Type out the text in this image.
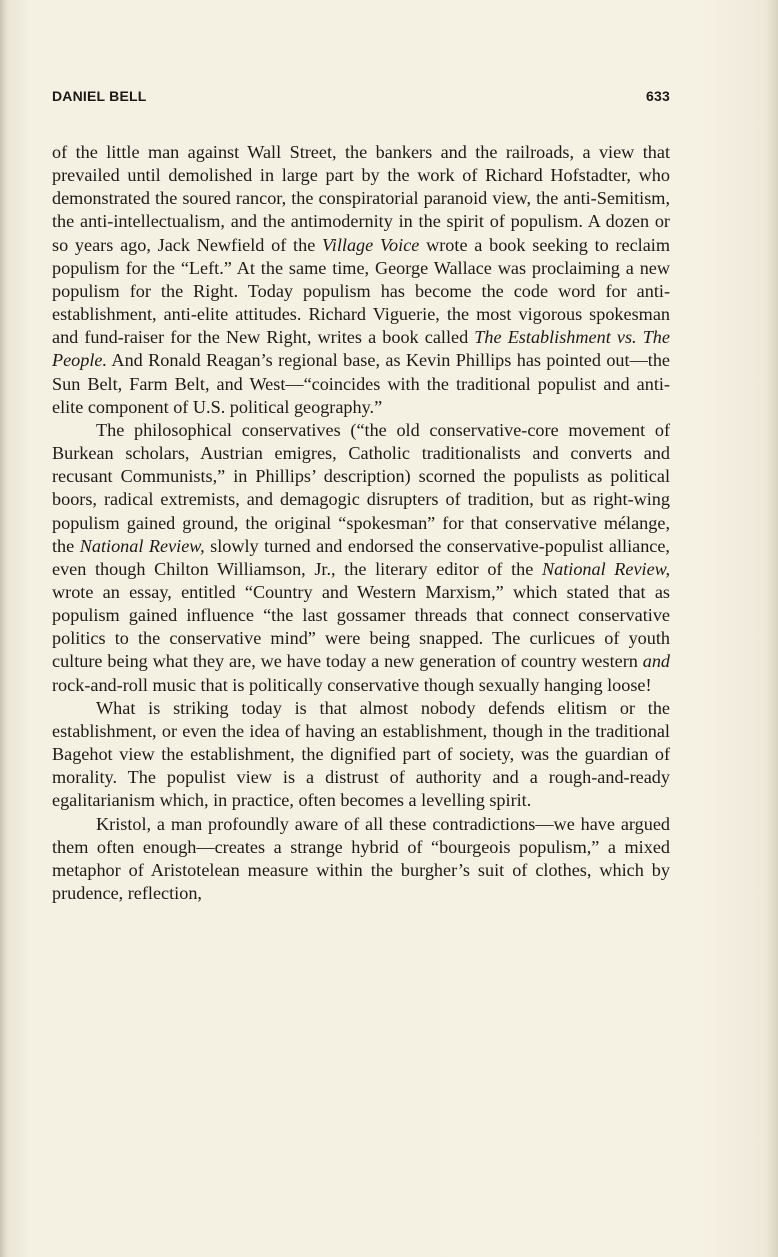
DANIEL BELL	633

of the little man against Wall Street, the bankers and the railroads, a view that prevailed until demolished in large part by the work of Richard Hofstadter, who demonstrated the soured rancor, the conspiratorial paranoid view, the anti-Semitism, the anti-intellectualism, and the antimodernity in the spirit of populism. A dozen or so years ago, Jack Newfield of the Village Voice wrote a book seeking to reclaim populism for the “Left.” At the same time, George Wallace was proclaiming a new populism for the Right. Today populism has become the code word for anti-establishment, anti-elite attitudes. Richard Viguerie, the most vigorous spokesman and fund-raiser for the New Right, writes a book called The Establishment vs. The People. And Ronald Reagan’s regional base, as Kevin Phillips has pointed out—the Sun Belt, Farm Belt, and West—“coincides with the traditional populist and anti-elite component of U.S. political geography.”

The philosophical conservatives (“the old conservative-core movement of Burkean scholars, Austrian emigres, Catholic traditionalists and converts and recusant Communists,” in Phillips’ description) scorned the populists as political boors, radical extremists, and demagogic disrupters of tradition, but as right-wing populism gained ground, the original “spokesman” for that conservative mélange, the National Review, slowly turned and endorsed the conservative-populist alliance, even though Chilton Williamson, Jr., the literary editor of the National Review, wrote an essay, entitled “Country and Western Marxism,” which stated that as populism gained influence “the last gossamer threads that connect conservative politics to the conservative mind” were being snapped. The curlicues of youth culture being what they are, we have today a new generation of country western and rock-and-roll music that is politically conservative though sexually hanging loose!

What is striking today is that almost nobody defends elitism or the establishment, or even the idea of having an establishment, though in the traditional Bagehot view the establishment, the dignified part of society, was the guardian of morality. The populist view is a distrust of authority and a rough-and-ready egalitarianism which, in practice, often becomes a levelling spirit.

Kristol, a man profoundly aware of all these contradictions—we have argued them often enough—creates a strange hybrid of “bourgeois populism,” a mixed metaphor of Aristotelean measure within the burgher’s suit of clothes, which by prudence, reflection,
